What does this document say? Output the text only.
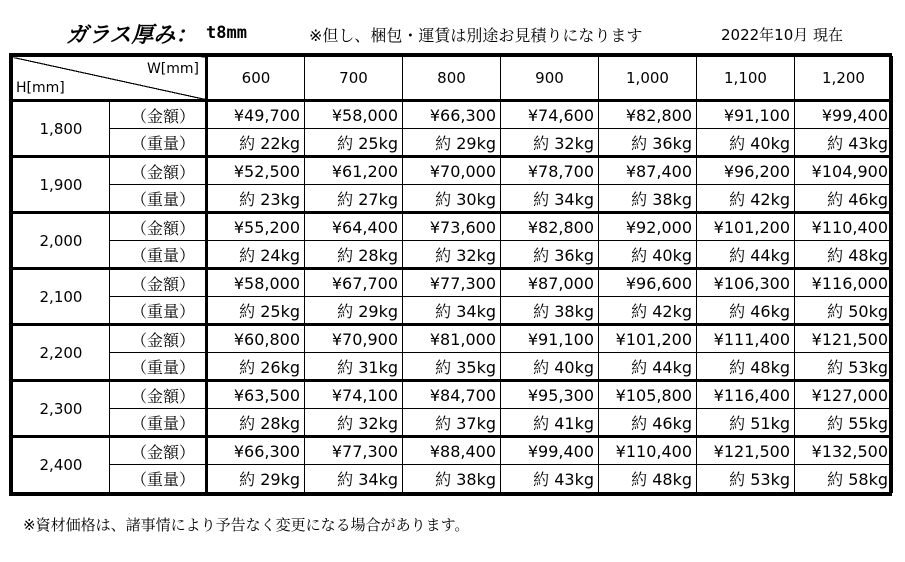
ガラス厚み： t8mm	※但し、梱包・運賃は別途お見積りになります	2022年10月 現在
W[mm]
H[mm]		600	700	800	900	1,000	1,100	1,200
1,800	（金額）	¥49,700	¥58,000	¥66,300	¥74,600	¥82,800	¥91,100	¥99,400
	（重量）	約 22kg	約 25kg	約 29kg	約 32kg	約 36kg	約 40kg	約 43kg
1,900	（金額）	¥52,500	¥61,200	¥70,000	¥78,700	¥87,400	¥96,200	¥104,900
	（重量）	約 23kg	約 27kg	約 30kg	約 34kg	約 38kg	約 42kg	約 46kg
2,000	（金額）	¥55,200	¥64,400	¥73,600	¥82,800	¥92,000	¥101,200	¥110,400
	（重量）	約 24kg	約 28kg	約 32kg	約 36kg	約 40kg	約 44kg	約 48kg
2,100	（金額）	¥58,000	¥67,700	¥77,300	¥87,000	¥96,600	¥106,300	¥116,000
	（重量）	約 25kg	約 29kg	約 34kg	約 38kg	約 42kg	約 46kg	約 50kg
2,200	（金額）	¥60,800	¥70,900	¥81,000	¥91,100	¥101,200	¥111,400	¥121,500
	（重量）	約 26kg	約 31kg	約 35kg	約 40kg	約 44kg	約 48kg	約 53kg
2,300	（金額）	¥63,500	¥74,100	¥84,700	¥95,300	¥105,800	¥116,400	¥127,000
	（重量）	約 28kg	約 32kg	約 37kg	約 41kg	約 46kg	約 51kg	約 55kg
2,400	（金額）	¥66,300	¥77,300	¥88,400	¥99,400	¥110,400	¥121,500	¥132,500
	（重量）	約 29kg	約 34kg	約 38kg	約 43kg	約 48kg	約 53kg	約 58kg
※資材価格は、諸事情により予告なく変更になる場合があります。
